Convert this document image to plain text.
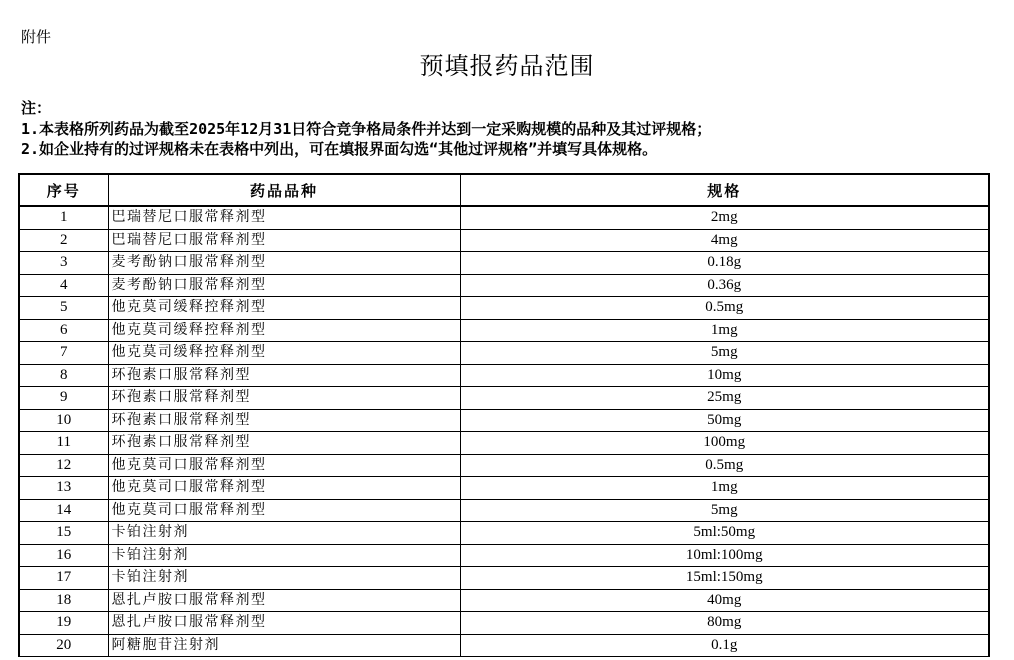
附件
预填报药品范围
注：
1.本表格所列药品为截至2025年12月31日符合竞争格局条件并达到一定采购规模的品种及其过评规格；
2.如企业持有的过评规格未在表格中列出，可在填报界面勾选“其他过评规格”并填写具体规格。
序号	药品品种	规格
1	巴瑞替尼口服常释剂型	2mg
2	巴瑞替尼口服常释剂型	4mg
3	麦考酚钠口服常释剂型	0.18g
4	麦考酚钠口服常释剂型	0.36g
5	他克莫司缓释控释剂型	0.5mg
6	他克莫司缓释控释剂型	1mg
7	他克莫司缓释控释剂型	5mg
8	环孢素口服常释剂型	10mg
9	环孢素口服常释剂型	25mg
10	环孢素口服常释剂型	50mg
11	环孢素口服常释剂型	100mg
12	他克莫司口服常释剂型	0.5mg
13	他克莫司口服常释剂型	1mg
14	他克莫司口服常释剂型	5mg
15	卡铂注射剂	5ml:50mg
16	卡铂注射剂	10ml:100mg
17	卡铂注射剂	15ml:150mg
18	恩扎卢胺口服常释剂型	40mg
19	恩扎卢胺口服常释剂型	80mg
20	阿糖胞苷注射剂	0.1g
